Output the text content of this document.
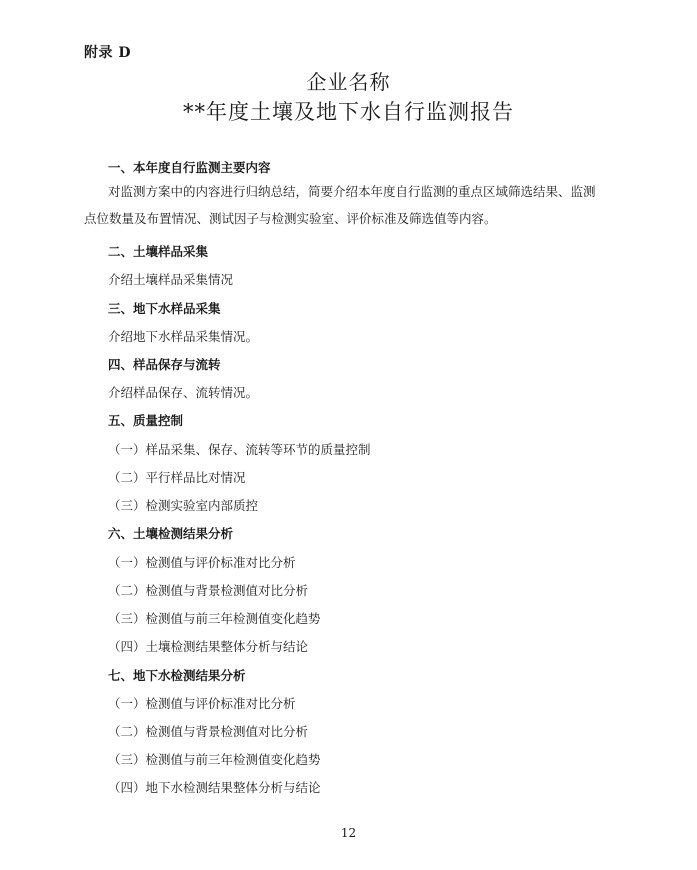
附录 D
企业名称
**年度土壤及地下水自行监测报告
一、本年度自行监测主要内容
对监测方案中的内容进行归纳总结，简要介绍本年度自行监测的重点区域筛选结果、监测
点位数量及布置情况、测试因子与检测实验室、评价标准及筛选值等内容。
二、土壤样品采集
介绍土壤样品采集情况
三、地下水样品采集
介绍地下水样品采集情况。
四、样品保存与流转
介绍样品保存、流转情况。
五、质量控制
（一）样品采集、保存、流转等环节的质量控制
（二）平行样品比对情况
（三）检测实验室内部质控
六、土壤检测结果分析
（一）检测值与评价标准对比分析
（二）检测值与背景检测值对比分析
（三）检测值与前三年检测值变化趋势
（四）土壤检测结果整体分析与结论
七、地下水检测结果分析
（一）检测值与评价标准对比分析
（二）检测值与背景检测值对比分析
（三）检测值与前三年检测值变化趋势
（四）地下水检测结果整体分析与结论
12
